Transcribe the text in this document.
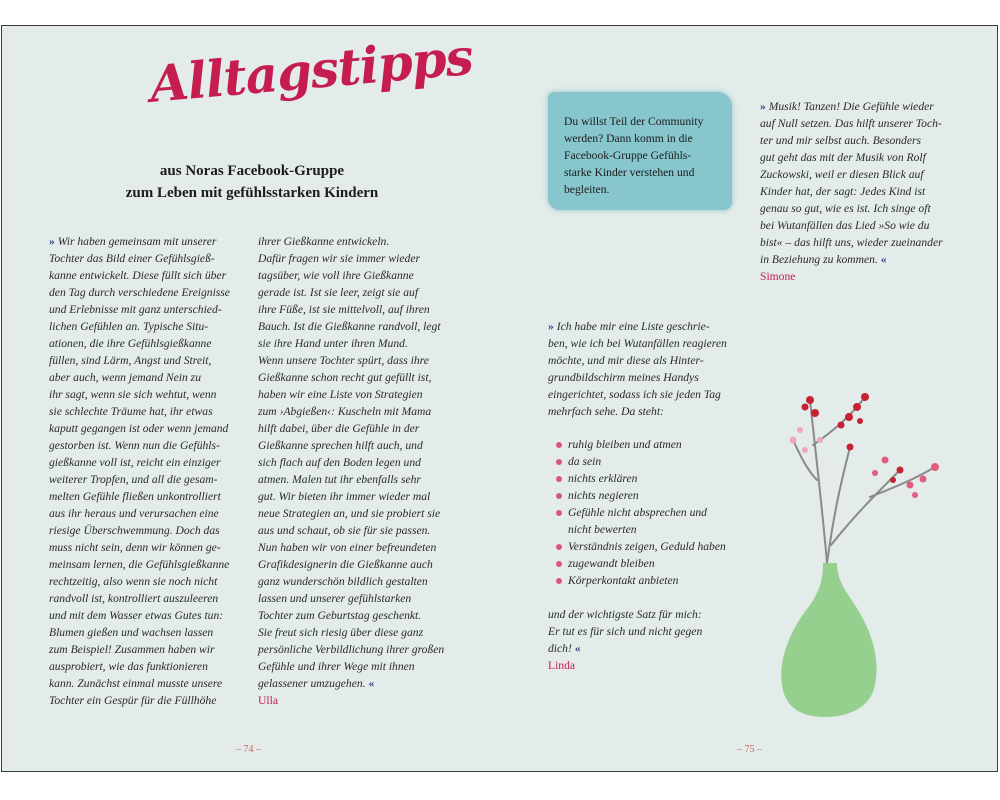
Alltagstipps
aus Noras Facebook-Gruppe
zum Leben mit gefühlsstarken Kindern
» Wir haben gemeinsam mit unserer
Tochter das Bild einer Gefühlsgieß-
kanne entwickelt. Diese füllt sich über
den Tag durch verschiedene Ereignisse
und Erlebnisse mit ganz unterschied-
lichen Gefühlen an. Typische Situ-
ationen, die ihre Gefühlsgießkanne
füllen, sind Lärm, Angst und Streit,
aber auch, wenn jemand Nein zu
ihr sagt, wenn sie sich wehtut, wenn
sie schlechte Träume hat, ihr etwas
kaputt gegangen ist oder wenn jemand
gestorben ist. Wenn nun die Gefühls-
gießkanne voll ist, reicht ein einziger
weiterer Tropfen, und all die gesam-
melten Gefühle fließen unkontrolliert
aus ihr heraus und verursachen eine
riesige Überschwemmung. Doch das
muss nicht sein, denn wir können ge-
meinsam lernen, die Gefühlsgießkanne
rechtzeitig, also wenn sie noch nicht
randvoll ist, kontrolliert auszuleeren
und mit dem Wasser etwas Gutes tun:
Blumen gießen und wachsen lassen
zum Beispiel! Zusammen haben wir
ausprobiert, wie das funktionieren
kann. Zunächst einmal musste unsere
Tochter ein Gespür für die Füllhöhe
ihrer Gießkanne entwickeln.
Dafür fragen wir sie immer wieder
tagsüber, wie voll ihre Gießkanne
gerade ist. Ist sie leer, zeigt sie auf
ihre Füße, ist sie mittelvoll, auf ihren
Bauch. Ist die Gießkanne randvoll, legt
sie ihre Hand unter ihren Mund.
Wenn unsere Tochter spürt, dass ihre
Gießkanne schon recht gut gefüllt ist,
haben wir eine Liste von Strategien
zum ›Abgießen‹: Kuscheln mit Mama
hilft dabei, über die Gefühle in der
Gießkanne sprechen hilft auch, und
sich flach auf den Boden legen und
atmen. Malen tut ihr ebenfalls sehr
gut. Wir bieten ihr immer wieder mal
neue Strategien an, und sie probiert sie
aus und schaut, ob sie für sie passen.
Nun haben wir von einer befreundeten
Grafikdesignerin die Gießkanne auch
ganz wunderschön bildlich gestalten
lassen und unserer gefühlstarken
Tochter zum Geburtstag geschenkt.
Sie freut sich riesig über diese ganz
persönliche Verbildlichung ihrer großen
Gefühle und ihrer Wege mit ihnen
gelassener umzugehen. «
Ulla
Du willst Teil der Community
werden? Dann komm in die
Facebook-Gruppe Gefühls-
starke Kinder verstehen und
begleiten.
» Musik! Tanzen! Die Gefühle wieder
auf Null setzen. Das hilft unserer Toch-
ter und mir selbst auch. Besonders
gut geht das mit der Musik von Rolf
Zuckowski, weil er diesen Blick auf
Kinder hat, der sagt: Jedes Kind ist
genau so gut, wie es ist. Ich singe oft
bei Wutanfällen das Lied »So wie du
bist« – das hilft uns, wieder zueinander
in Beziehung zu kommen. «
Simone
» Ich habe mir eine Liste geschrie-
ben, wie ich bei Wutanfällen reagieren
möchte, und mir diese als Hinter-
grundbildschirm meines Handys
eingerichtet, sodass ich sie jeden Tag
mehrfach sehe. Da steht:
ruhig bleiben und atmen
da sein
nichts erklären
nichts negieren
Gefühle nicht absprechen und
nicht bewerten
Verständnis zeigen, Geduld haben
zugewandt bleiben
Körperkontakt anbieten
und der wichtigste Satz für mich:
Er tut es für sich und nicht gegen
dich! «
Linda
– 74 –	– 75 –
